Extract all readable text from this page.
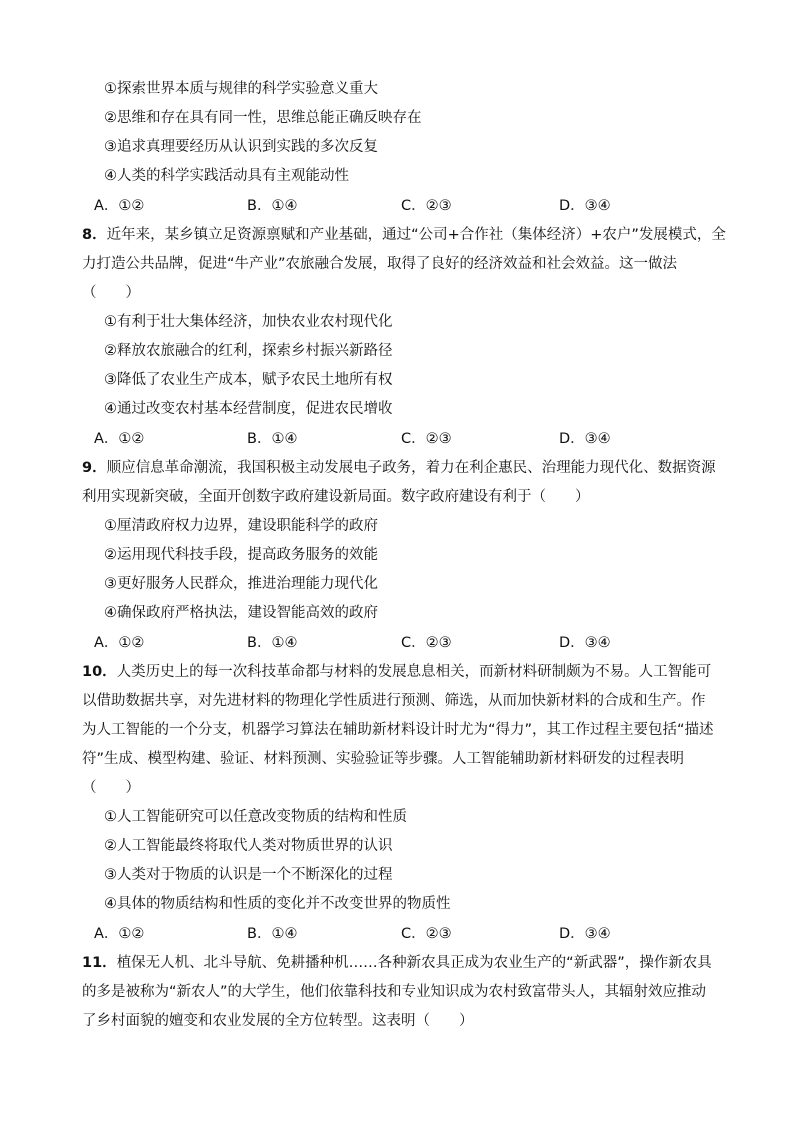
①探索世界本质与规律的科学实验意义重大
②思维和存在具有同一性，思维总能正确反映存在
③追求真理要经历从认识到实践的多次反复
④人类的科学实践活动具有主观能动性
A．①②	B．①④	C．②③	D．③④
8．近年来，某乡镇立足资源禀赋和产业基础，通过“公司+合作社（集体经济）+农户”发展模式，全
力打造公共品牌，促进“牛产业”农旅融合发展，取得了良好的经济效益和社会效益。这一做法
（　　）
①有利于壮大集体经济，加快农业农村现代化
②释放农旅融合的红利，探索乡村振兴新路径
③降低了农业生产成本，赋予农民土地所有权
④通过改变农村基本经营制度，促进农民增收
A．①②	B．①④	C．②③	D．③④
9．顺应信息革命潮流，我国积极主动发展电子政务，着力在利企惠民、治理能力现代化、数据资源
利用实现新突破，全面开创数字政府建设新局面。数字政府建设有利于（　　）
①厘清政府权力边界，建设职能科学的政府
②运用现代科技手段，提高政务服务的效能
③更好服务人民群众，推进治理能力现代化
④确保政府严格执法，建设智能高效的政府
A．①②	B．①④	C．②③	D．③④
10．人类历史上的每一次科技革命都与材料的发展息息相关，而新材料研制颇为不易。人工智能可
以借助数据共享，对先进材料的物理化学性质进行预测、筛选，从而加快新材料的合成和生产。作
为人工智能的一个分支，机器学习算法在辅助新材料设计时尤为“得力”，其工作过程主要包括“描述
符”生成、模型构建、验证、材料预测、实验验证等步骤。人工智能辅助新材料研发的过程表明
（　　）
①人工智能研究可以任意改变物质的结构和性质
②人工智能最终将取代人类对物质世界的认识
③人类对于物质的认识是一个不断深化的过程
④具体的物质结构和性质的变化并不改变世界的物质性
A．①②	B．①④	C．②③	D．③④
11．植保无人机、北斗导航、免耕播种机……各种新农具正成为农业生产的“新武器”，操作新农具
的多是被称为“新农人”的大学生，他们依靠科技和专业知识成为农村致富带头人，其辐射效应推动
了乡村面貌的嬗变和农业发展的全方位转型。这表明（　　）
